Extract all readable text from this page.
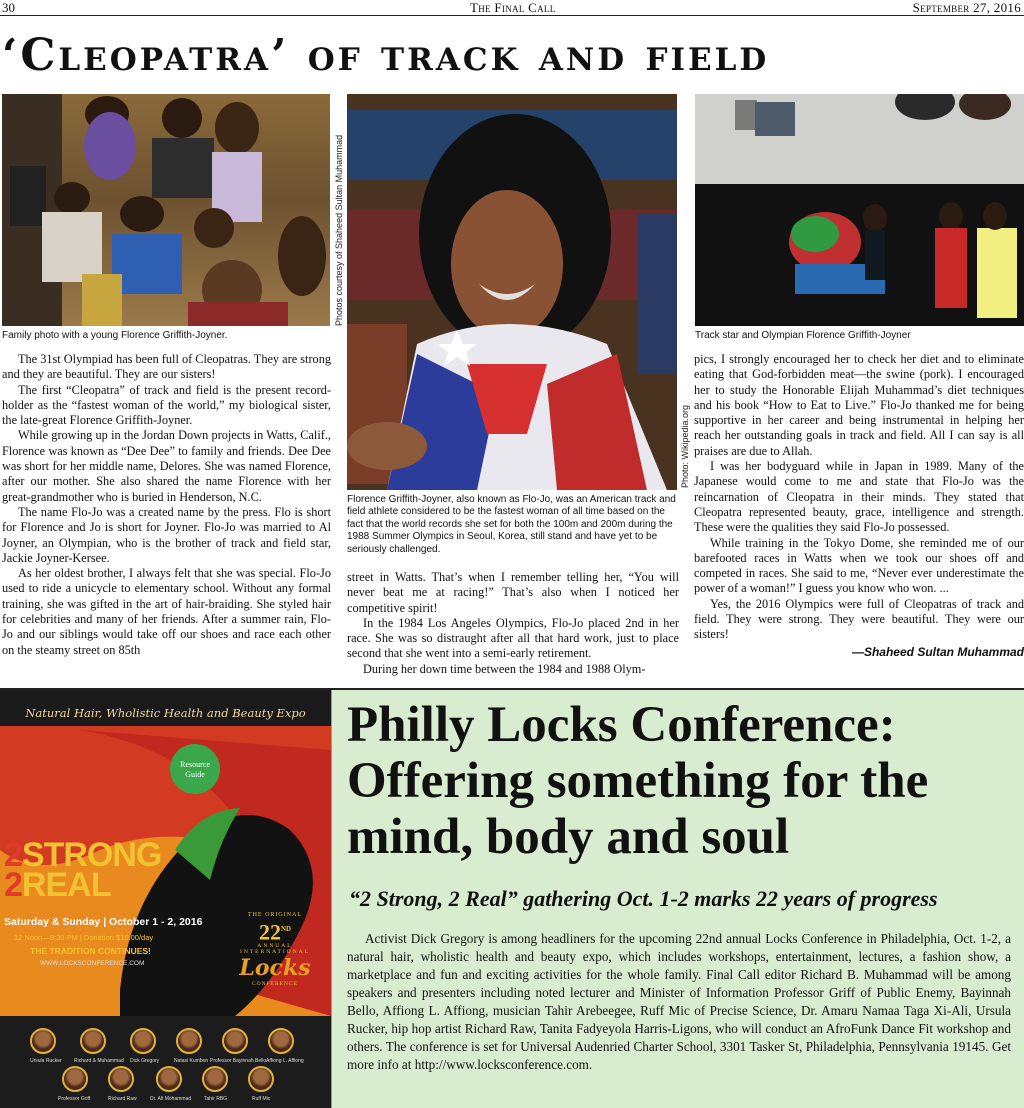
30	The Final Call	September 27, 2016
‘Cleopatra’ of track and field
Photos courtesy of Shaheed Sultan Muhammad
Family photo with a young Florence Griffith-Joyner.
Photo: Wikipedia.org
Florence Griffith-Joyner, also known as Flo-Jo, was an American track and field athlete considered to be the fastest woman of all time based on the fact that the world records she set for both the 100m and 200m during the 1988 Summer Olympics in Seoul, Korea, still stand and have yet to be seriously challenged.
Track star and Olympian Florence Griffith-Joyner

The 31st Olympiad has been full of Cleopatras. They are strong and they are beautiful. They are our sisters!

The first “Cleopatra” of track and field is the present record-holder as the “fastest woman of the world,” my biological sister, the late-great Florence Griffith-Joyner.

While growing up in the Jordan Down projects in Watts, Calif., Florence was known as “Dee Dee” to family and friends. Dee Dee was short for her middle name, Delores. She was named Florence, after our mother. She also shared the name Florence with her great-grandmother who is buried in Henderson, N.C.

The name Flo-Jo was a created name by the press. Flo is short for Florence and Jo is short for Joyner. Flo-Jo was married to Al Joyner, an Olympian, who is the brother of track and field star, Jackie Joyner-Kersee.

As her oldest brother, I always felt that she was special. Flo-Jo used to ride a unicycle to elementary school. Without any formal training, she was gifted in the art of hair-braiding. She styled hair for celebrities and many of her friends. After a summer rain, Flo-Jo and our siblings would take off our shoes and race each other on the steamy street on 85th

street in Watts. That’s when I remember telling her, “You will never beat me at racing!” That’s also when I noticed her competitive spirit!

In the 1984 Los Angeles Olympics, Flo-Jo placed 2nd in her race. She was so distraught after all that hard work, just to place second that she went into a semi-early retirement.

During her down time between the 1984 and 1988 Olym-

pics, I strongly encouraged her to check her diet and to eliminate eating that God-forbidden meat—the swine (pork). I encouraged her to study the Honorable Elijah Muhammad’s diet techniques and his book “How to Eat to Live.” Flo-Jo thanked me for being supportive in her career and being instrumental in helping her reach her outstanding goals in track and field. All I can say is all praises are due to Allah.

I was her bodyguard while in Japan in 1989. Many of the Japanese would come to me and state that Flo-Jo was the reincarnation of Cleopatra in their minds. They stated that Cleopatra represented beauty, grace, intelligence and strength. These were the qualities they said Flo-Jo possessed.

While training in the Tokyo Dome, she reminded me of our barefooted races in Watts when we took our shoes off and competed in races. She said to me, “Never ever underestimate the power of a woman!” I guess you know who won. ...

Yes, the 2016 Olympics were full of Cleopatras of track and field. They were strong. They were beautiful. They were our sisters!

—Shaheed Sultan Muhammad

Natural Hair, Wholistic Health and Beauty Expo
Resource Guide
2STRONG
2REAL
Saturday & Sunday | October 1 - 2, 2016
12 Noon—9:30 PM | Donation $10.00/day
THE TRADITION CONTINUES!
WWW.LOCKSCONFERENCE.COM
THE ORIGINAL
22ND
ANNUAL
INTERNATIONAL
Locks
CONFERENCE
Ursula Rucker Richard & Muhammad Dick Gregory	Natasi Kumbon Professor Bayinnah Bello Affiong L. Affiong
Professor Griff	Richard Raw	Dr. Afi Mohammad	Tahir RBG	Ruff Mic
Philly Locks Conference: Offering something for the mind, body and soul
“2 Strong, 2 Real” gathering Oct. 1-2 marks 22 years of progress
Activist Dick Gregory is among headliners for the upcoming 22nd annual Locks Conference in Philadelphia, Oct. 1-2, a natural hair, wholistic health and beauty expo, which includes workshops, entertainment, lectures, a fashion show, a marketplace and fun and exciting activities for the whole family. Final Call editor Richard B. Muhammad will be among speakers and presenters including noted lecturer and Minister of Information Professor Griff of Public Enemy, Bayinnah Bello, Affiong L. Affiong, musician Tahir Arebeegee, Ruff Mic of Precise Science, Dr. Amaru Namaa Taga Xi-Ali, Ursula Rucker, hip hop artist Richard Raw, Tanita Fadyeyola Harris-Ligons, who will conduct an AfroFunk Dance Fit workshop and others. The conference is set for Universal Audenried Charter School, 3301 Tasker St, Philadelphia, Pennsylvania 19145. Get more info at http://www.locksconference.com.
